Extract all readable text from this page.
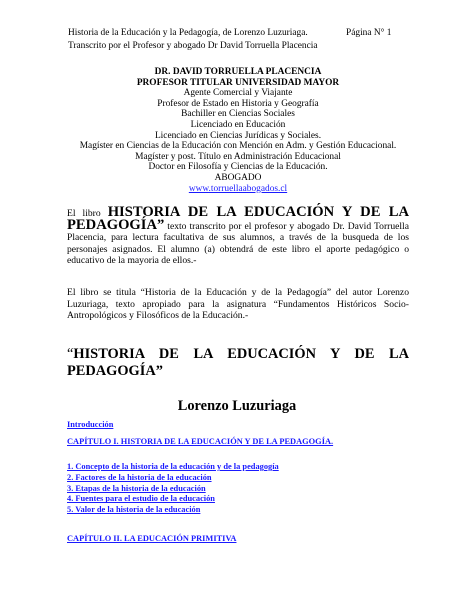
Historia de la Educación y la Pedagogía, de Lorenzo Luzuriaga.	Página N° 1
Transcrito por el Profesor y abogado Dr David Torruella Placencia
DR. DAVID TORRUELLA PLACENCIA
PROFESOR TITULAR UNIVERSIDAD MAYOR
Agente Comercial y Viajante
Profesor de Estado en Historia y Geografía
Bachiller en Ciencias Sociales
Licenciado en Educación
Licenciado en Ciencias Jurídicas y Sociales.
Magíster en Ciencias de la Educación con Mención en Adm. y Gestión Educacional.
Magíster y post. Título en Administración Educacional
Doctor en Filosofía y Ciencias de la Educación.
ABOGADO
www.torruellaabogados.cl
El libro HISTORIA DE LA EDUCACIÓN Y DE LA PEDAGOGÍA” texto transcrito por el profesor y abogado Dr. David Torruella Placencia, para lectura facultativa de sus alumnos, a través de la busqueda de los personajes asignados. El alumno (a) obtendrá de este libro el aporte pedagógico o educativo de la mayoria de ellos.-
El libro se titula “Historia de la Educación y de la Pedagogía” del autor Lorenzo Luzuriaga, texto apropiado para la asignatura “Fundamentos Históricos Socio-Antropológicos y Filosóficos de la Educación.-
“HISTORIA DE LA EDUCACIÓN Y DE LA PEDAGOGÍA”
Lorenzo Luzuriaga
Introducción
CAPÍTULO I. HISTORIA DE LA EDUCACIÓN Y DE LA PEDAGOGÍA.
1. Concepto de la historia de la educación y de la pedagogía
2. Factores de la historia de la educación
3. Etapas de la historia de la educación
4. Fuentes para el estudio de la educación
5. Valor de la historia de la educación
CAPÍTULO II. LA EDUCACIÓN PRIMITIVA
